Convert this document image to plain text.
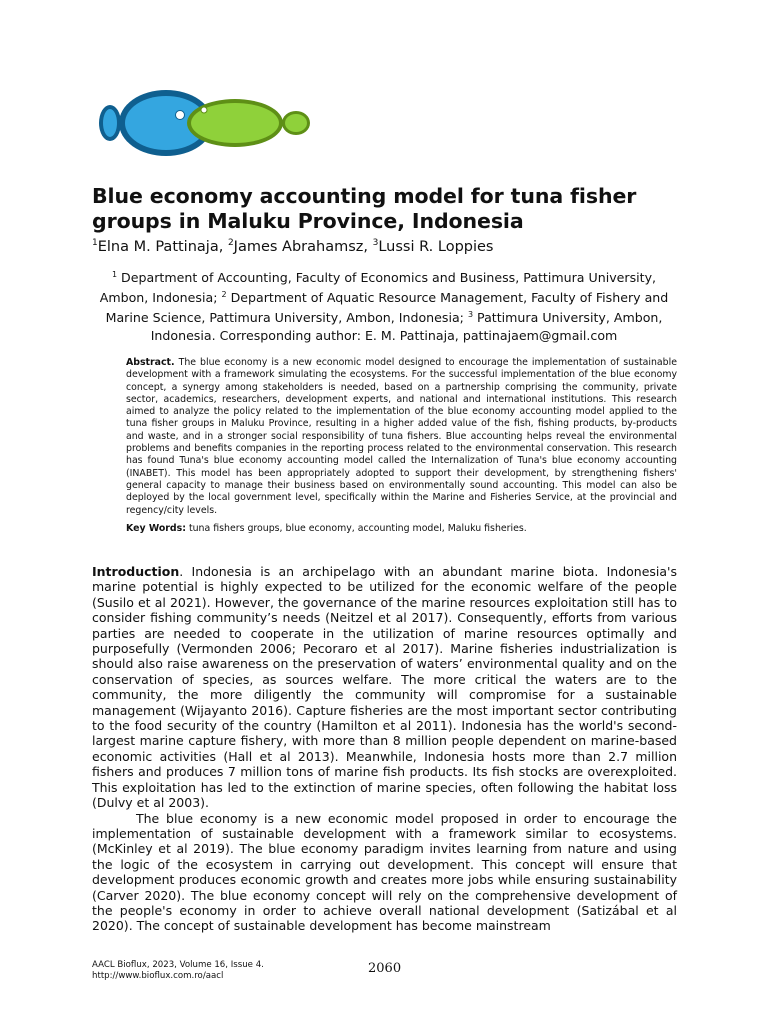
Blue economy accounting model for tuna fisher groups in Maluku Province, Indonesia
$^1$Elna M. Pattinaja, $^2$James Abrahamsz, $^3$Lussi R. Loppies

$^1$ Department of Accounting, Faculty of Economics and Business, Pattimura University, Ambon, Indonesia; $^2$ Department of Aquatic Resource Management, Faculty of Fishery and Marine Science, Pattimura University, Ambon, Indonesia; $^3$ Pattimura University, Ambon, Indonesia. Corresponding author: E. M. Pattinaja, pattinajaem@gmail.com

Abstract. The blue economy is a new economic model designed to encourage the implementation of sustainable development with a framework simulating the ecosystems. For the successful implementation of the blue economy concept, a synergy among stakeholders is needed, based on a partnership comprising the community, private sector, academics, researchers, development experts, and national and international institutions. This research aimed to analyze the policy related to the implementation of the blue economy accounting model applied to the tuna fisher groups in Maluku Province, resulting in a higher added value of the fish, fishing products, by-products and waste, and in a stronger social responsibility of tuna fishers. Blue accounting helps reveal the environmental problems and benefits companies in the reporting process related to the environmental conservation. This research has found Tuna's blue economy accounting model called the Internalization of Tuna's blue economy accounting (INABET). This model has been appropriately adopted to support their development, by strengthening fishers' general capacity to manage their business based on environmentally sound accounting. This model can also be deployed by the local government level, specifically within the Marine and Fisheries Service, at the provincial and regency/city levels.

Key Words: tuna fishers groups, blue economy, accounting model, Maluku fisheries.

Introduction. Indonesia is an archipelago with an abundant marine biota. Indonesia's marine potential is highly expected to be utilized for the economic welfare of the people (Susilo et al 2021). However, the governance of the marine resources exploitation still has to consider fishing community’s needs (Neitzel et al 2017). Consequently, efforts from various parties are needed to cooperate in the utilization of marine resources optimally and purposefully (Vermonden 2006; Pecoraro et al 2017). Marine fisheries industrialization is should also raise awareness on the preservation of waters’ environmental quality and on the conservation of species, as sources welfare. The more critical the waters are to the community, the more diligently the community will compromise for a sustainable management (Wijayanto 2016). Capture fisheries are the most important sector contributing to the food security of the country (Hamilton et al 2011). Indonesia has the world's second-largest marine capture fishery, with more than 8 million people dependent on marine-based economic activities (Hall et al 2013). Meanwhile, Indonesia hosts more than 2.7 million fishers and produces 7 million tons of marine fish products. Its fish stocks are overexploited. This exploitation has led to the extinction of marine species, often following the habitat loss (Dulvy et al 2003).

The blue economy is a new economic model proposed in order to encourage the implementation of sustainable development with a framework similar to ecosystems. (McKinley et al 2019). The blue economy paradigm invites learning from nature and using the logic of the ecosystem in carrying out development. This concept will ensure that development produces economic growth and creates more jobs while ensuring sustainability (Carver 2020). The blue economy concept will rely on the comprehensive development of the people's economy in order to achieve overall national development (Satizábal et al 2020). The concept of sustainable development has become mainstream

AACL Bioflux, 2023, Volume 16, Issue 4.
http://www.bioflux.com.ro/aacl	2060
